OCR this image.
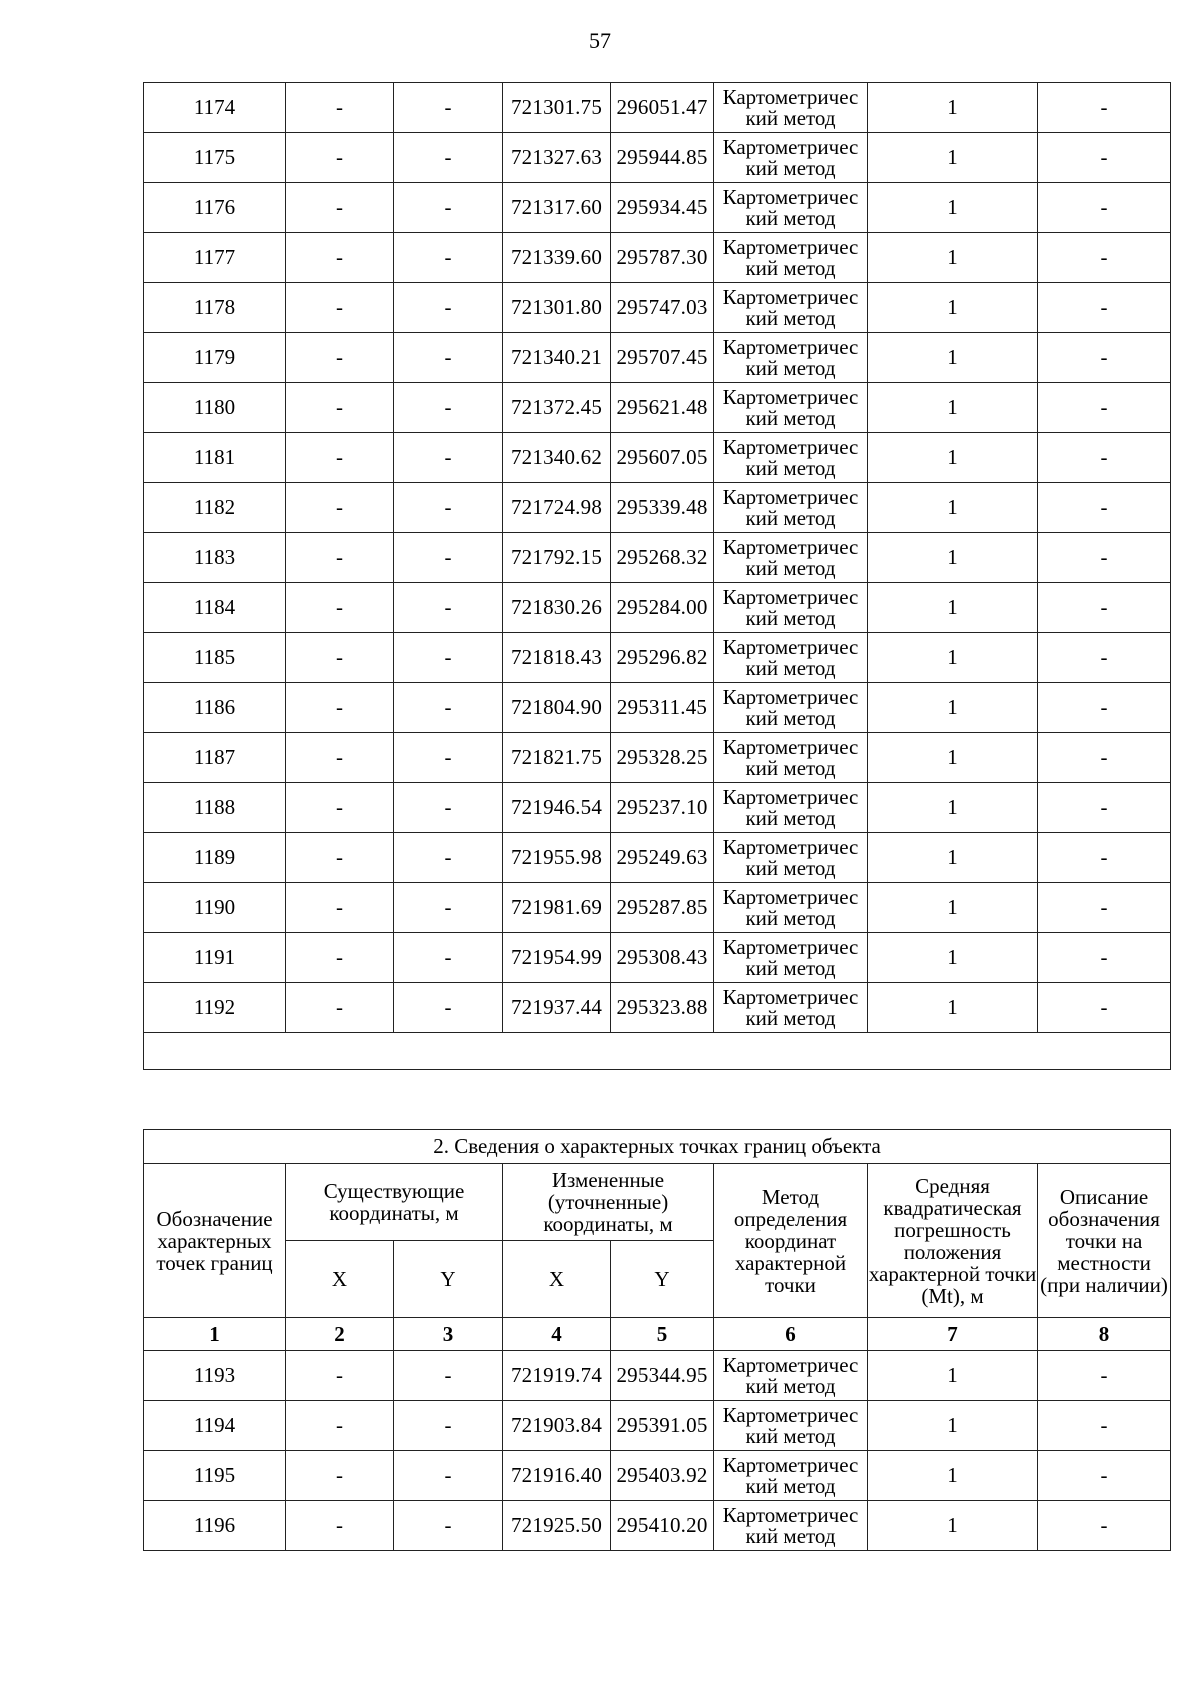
57
1174	-	-	721301.75	296051.47	Картометричес кий метод	1	-
1175	-	-	721327.63	295944.85	Картометричес кий метод	1	-
1176	-	-	721317.60	295934.45	Картометричес кий метод	1	-
1177	-	-	721339.60	295787.30	Картометричес кий метод	1	-
1178	-	-	721301.80	295747.03	Картометричес кий метод	1	-
1179	-	-	721340.21	295707.45	Картометричес кий метод	1	-
1180	-	-	721372.45	295621.48	Картометричес кий метод	1	-
1181	-	-	721340.62	295607.05	Картометричес кий метод	1	-
1182	-	-	721724.98	295339.48	Картометричес кий метод	1	-
1183	-	-	721792.15	295268.32	Картометричес кий метод	1	-
1184	-	-	721830.26	295284.00	Картометричес кий метод	1	-
1185	-	-	721818.43	295296.82	Картометричес кий метод	1	-
1186	-	-	721804.90	295311.45	Картометричес кий метод	1	-
1187	-	-	721821.75	295328.25	Картометричес кий метод	1	-
1188	-	-	721946.54	295237.10	Картометричес кий метод	1	-
1189	-	-	721955.98	295249.63	Картометричес кий метод	1	-
1190	-	-	721981.69	295287.85	Картометричес кий метод	1	-
1191	-	-	721954.99	295308.43	Картометричес кий метод	1	-
1192	-	-	721937.44	295323.88	Картометричес кий метод	1	-

2. Сведения о характерных точках границ объекта							
Обозначение характерных точек границ	Существующие координаты, м		Измененные (уточненные) координаты, м		Метод определения координат характерной точки	Средняя квадратическая погрешность положения характерной точки (Mt), м	Описание обозначения точки на местности (при наличии)
	X	Y	X	Y			
1	2	3	4	5	6	7	8
1193	-	-	721919.74	295344.95	Картометричес кий метод	1	-
1194	-	-	721903.84	295391.05	Картометричес кий метод	1	-
1195	-	-	721916.40	295403.92	Картометричес кий метод	1	-
1196	-	-	721925.50	295410.20	Картометричес кий метод	1	-
